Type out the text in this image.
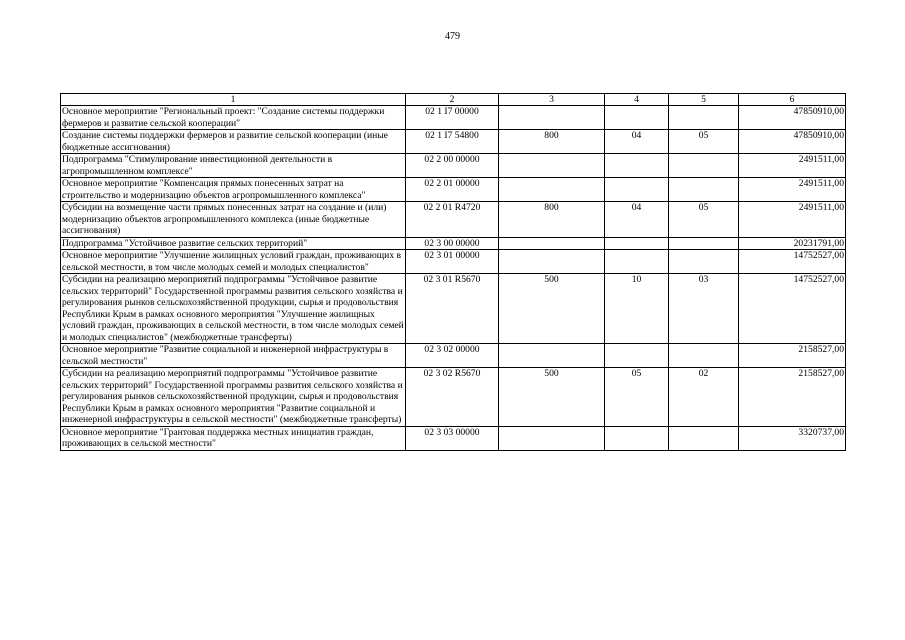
479
1	2	3	4	5	6
Основное мероприятие "Региональный проект: "Создание системы поддержки фермеров и развитие сельской кооперации"	02 1 I7 00000				47850910,00
Создание системы поддержки фермеров и развитие сельской кооперации (иные бюджетные ассигнования)	02 1 I7 54800	800	04	05	47850910,00
Подпрограмма "Стимулирование инвестиционной деятельности в агропромышленном комплексе"	02 2 00 00000				2491511,00
Основное мероприятие "Компенсация прямых понесенных затрат на строительство и модернизацию объектов агропромышленного комплекса"	02 2 01 00000				2491511,00
Субсидии на возмещение части прямых понесенных затрат на создание и (или) модернизацию объектов агропромышленного комплекса (иные бюджетные ассигнования)	02 2 01 R4720	800	04	05	2491511,00
Подпрограмма "Устойчивое развитие сельских территорий"	02 3 00 00000				20231791,00
Основное мероприятие "Улучшение жилищных условий граждан, проживающих в сельской местности, в том числе молодых семей и молодых специалистов"	02 3 01 00000				14752527,00
Субсидии на реализацию мероприятий подпрограммы "Устойчивое развитие сельских территорий" Государственной программы развития сельского хозяйства и регулирования рынков сельскохозяйственной продукции, сырья и продовольствия Республики Крым в рамках основного мероприятия "Улучшение жилищных условий граждан, проживающих в сельской местности, в том числе молодых семей и молодых специалистов" (межбюджетные трансферты)	02 3 01 R5670	500	10	03	14752527,00
Основное мероприятие "Развитие социальной и инженерной инфраструктуры в сельской местности"	02 3 02 00000				2158527,00
Субсидии на реализацию мероприятий подпрограммы "Устойчивое развитие сельских территорий" Государственной программы развития сельского хозяйства и регулирования рынков сельскохозяйственной продукции, сырья и продовольствия Республики Крым в рамках основного мероприятия "Развитие социальной и инженерной инфраструктуры в сельской местности" (межбюджетные трансферты)	02 3 02 R5670	500	05	02	2158527,00
Основное мероприятие "Грантовая поддержка местных инициатив граждан, проживающих в сельской местности"	02 3 03 00000				3320737,00
